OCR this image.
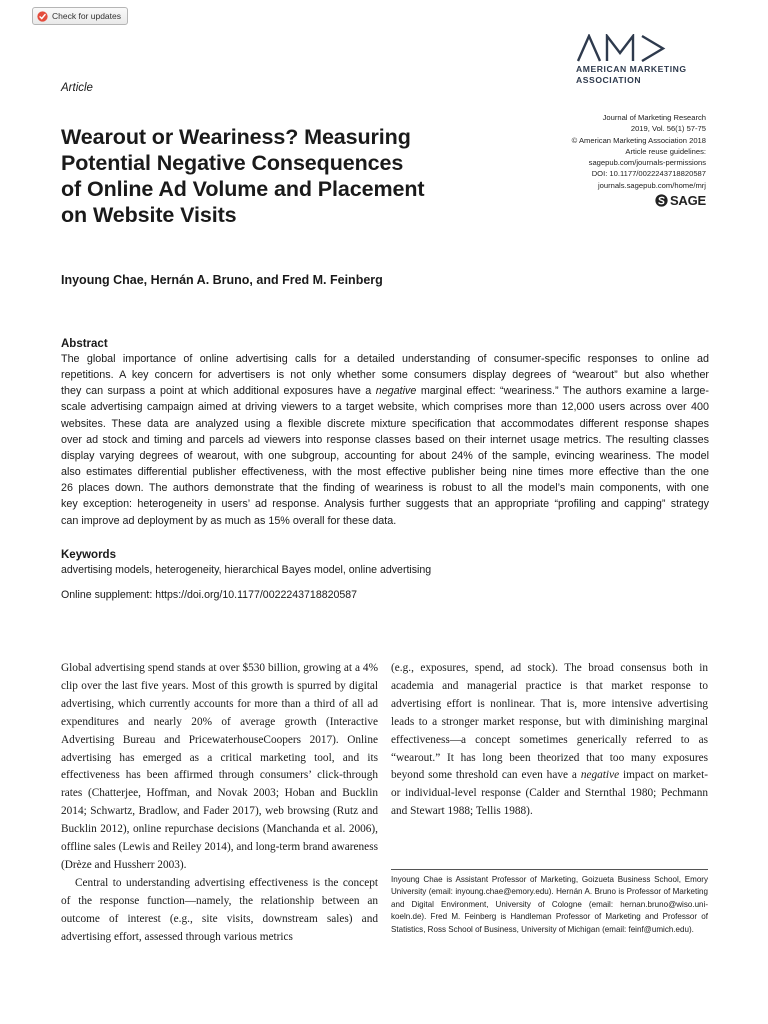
Check for updates
AMERICAN MARKETING
ASSOCIATION
Article
Wearout or Weariness? Measuring
Potential Negative Consequences
of Online Ad Volume and Placement
on Website Visits
Journal of Marketing Research
2019, Vol. 56(1) 57-75
© American Marketing Association 2018
Article reuse guidelines:
sagepub.com/journals-permissions
DOI: 10.1177/0022243718820587
journals.sagepub.com/home/mrj
SAGE
Inyoung Chae, Hernán A. Bruno, and Fred M. Feinberg
Abstract
The global importance of online advertising calls for a detailed understanding of consumer-specific responses to online ad
repetitions. A key concern for advertisers is not only whether some consumers display degrees of “wearout” but also whether
they can surpass a point at which additional exposures have a negative marginal effect: “weariness.” The authors examine a large-
scale advertising campaign aimed at driving viewers to a target website, which comprises more than 12,000 users across over 400
websites. These data are analyzed using a flexible discrete mixture specification that accommodates different response shapes
over ad stock and timing and parcels ad viewers into response classes based on their internet usage metrics. The resulting classes
display varying degrees of wearout, with one subgroup, accounting for about 24% of the sample, evincing weariness. The model
also estimates differential publisher effectiveness, with the most effective publisher being nine times more effective than the one
26 places down. The authors demonstrate that the finding of weariness is robust to all the model’s main components, with one
key exception: heterogeneity in users’ ad response. Analysis further suggests that an appropriate “profiling and capping” strategy
can improve ad deployment by as much as 15% overall for these data.
Keywords
advertising models, heterogeneity, hierarchical Bayes model, online advertising
Online supplement: https://doi.org/10.1177/0022243718820587

Global advertising spend stands at over $530 billion, growing at a 4% clip over the last five years. Most of this growth is spurred by digital advertising, which currently accounts for more than a third of all ad expenditures and nearly 20% of average growth (Interactive Advertising Bureau and PricewaterhouseCoopers 2017). Online advertising has emerged as a critical marketing tool, and its effectiveness has been affirmed through consumers’ click-through rates (Chatterjee, Hoffman, and Novak 2003; Hoban and Bucklin 2014; Schwartz, Bradlow, and Fader 2017), web browsing (Rutz and Bucklin 2012), online repurchase decisions (Manchanda et al. 2006), offline sales (Lewis and Reiley 2014), and long-term brand awareness (Drèze and Hussherr 2003).

Central to understanding advertising effectiveness is the concept of the response function—namely, the relationship between an outcome of interest (e.g., site visits, downstream sales) and advertising effort, assessed through various metrics

(e.g., exposures, spend, ad stock). The broad consensus both in academia and managerial practice is that market response to advertising effort is nonlinear. That is, more intensive advertising leads to a stronger market response, but with diminishing marginal effectiveness—a concept sometimes generically referred to as “wearout.” It has long been theorized that too many exposures beyond some threshold can even have a negative impact on market- or individual-level response (Calder and Sternthal 1980; Pechmann and Stewart 1988; Tellis 1988).

Inyoung Chae is Assistant Professor of Marketing, Goizueta Business School, Emory University (email: inyoung.chae@emory.edu). Hernán A. Bruno is Professor of Marketing and Digital Environment, University of Cologne (email: hernan.bruno@wiso.uni-koeln.de). Fred M. Feinberg is Handleman Professor of Marketing and Professor of Statistics, Ross School of Business, University of Michigan (email: feinf@umich.edu).
